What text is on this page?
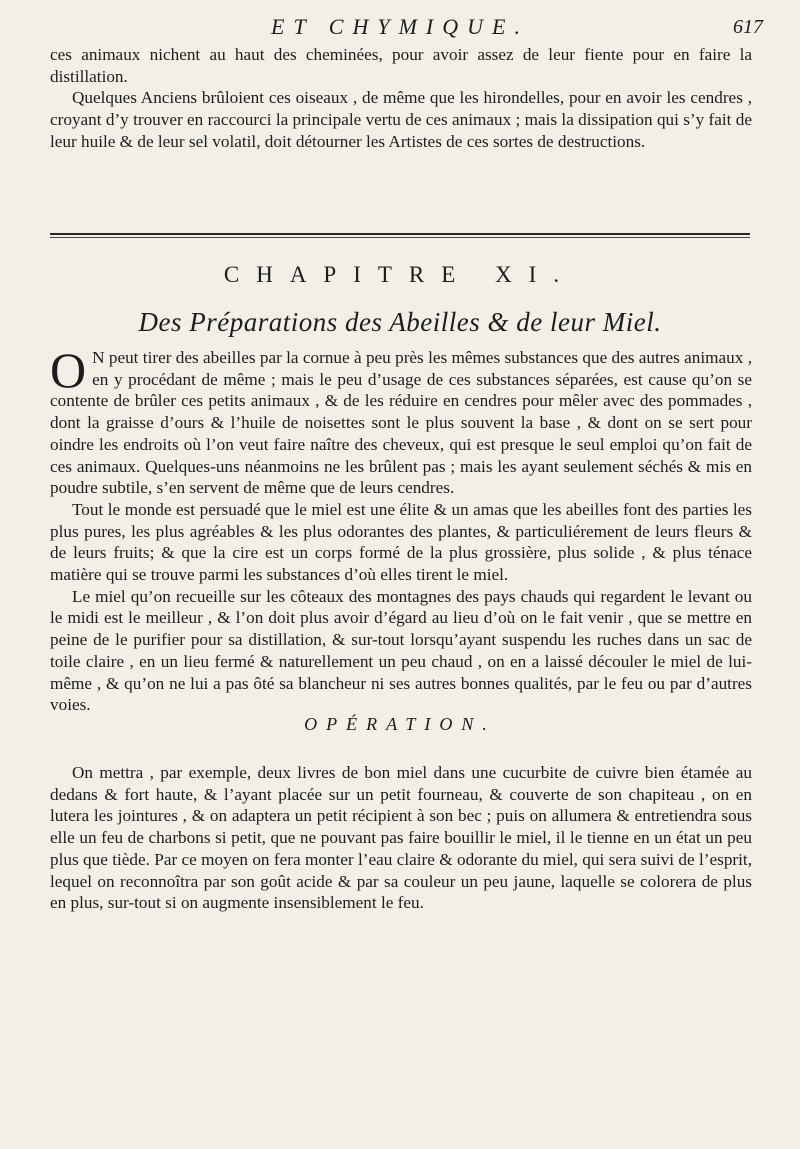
ET CHYMIQUE.	617

ces animaux nichent au haut des cheminées, pour avoir assez de leur fiente pour en faire la distillation.

Quelques Anciens brûloient ces oiseaux , de même que les hirondelles, pour en avoir les cendres , croyant d’y trouver en raccourci la principale vertu de ces animaux ; mais la dissipation qui s’y fait de leur huile & de leur sel volatil, doit détourner les Artistes de ces sortes de destructions.

CHAPITRE XI.
Des Préparations des Abeilles & de leur Miel.

O N peut tirer des abeilles par la cornue à peu près les mêmes substances que des autres animaux , en y procédant de même ; mais le peu d’usage de ces substances séparées, est cause qu’on se contente de brûler ces petits animaux , & de les réduire en cendres pour mêler avec des pommades , dont la graisse d’ours & l’huile de noisettes sont le plus souvent la base , & dont on se sert pour oindre les endroits où l’on veut faire naître des cheveux, qui est presque le seul emploi qu’on fait de ces animaux. Quelques-uns néanmoins ne les brûlent pas ; mais les ayant seulement séchés & mis en poudre subtile, s’en servent de même que de leurs cendres.

Tout le monde est persuadé que le miel est une élite & un amas que les abeilles font des parties les plus pures, les plus agréables & les plus odorantes des plantes, & particuliérement de leurs fleurs & de leurs fruits; & que la cire est un corps formé de la plus grossière, plus solide , & plus ténace matière qui se trouve parmi les substances d’où elles tirent le miel.

Le miel qu’on recueille sur les côteaux des montagnes des pays chauds qui regardent le levant ou le midi est le meilleur , & l’on doit plus avoir d’égard au lieu d’où on le fait venir , que se mettre en peine de le purifier pour sa distillation, & sur-tout lorsqu’ayant suspendu les ruches dans un sac de toile claire , en un lieu fermé & naturellement un peu chaud , on en a laissé découler le miel de lui-même , & qu’on ne lui a pas ôté sa blancheur ni ses autres bonnes qualités, par le feu ou par d’autres voies.

OPÉRATION.

On mettra , par exemple, deux livres de bon miel dans une cucurbite de cuivre bien étamée au dedans & fort haute, & l’ayant placée sur un petit fourneau, & couverte de son chapiteau , on en lutera les jointures , & on adaptera un petit récipient à son bec ; puis on allumera & entretiendra sous elle un feu de charbons si petit, que ne pouvant pas faire bouillir le miel, il le tienne en un état un peu plus que tiède. Par ce moyen on fera monter l’eau claire & odorante du miel, qui sera suivi de l’esprit, lequel on reconnoîtra par son goût acide & par sa couleur un peu jaune, laquelle se colorera de plus en plus, sur-tout si on augmente insensiblement le feu.
